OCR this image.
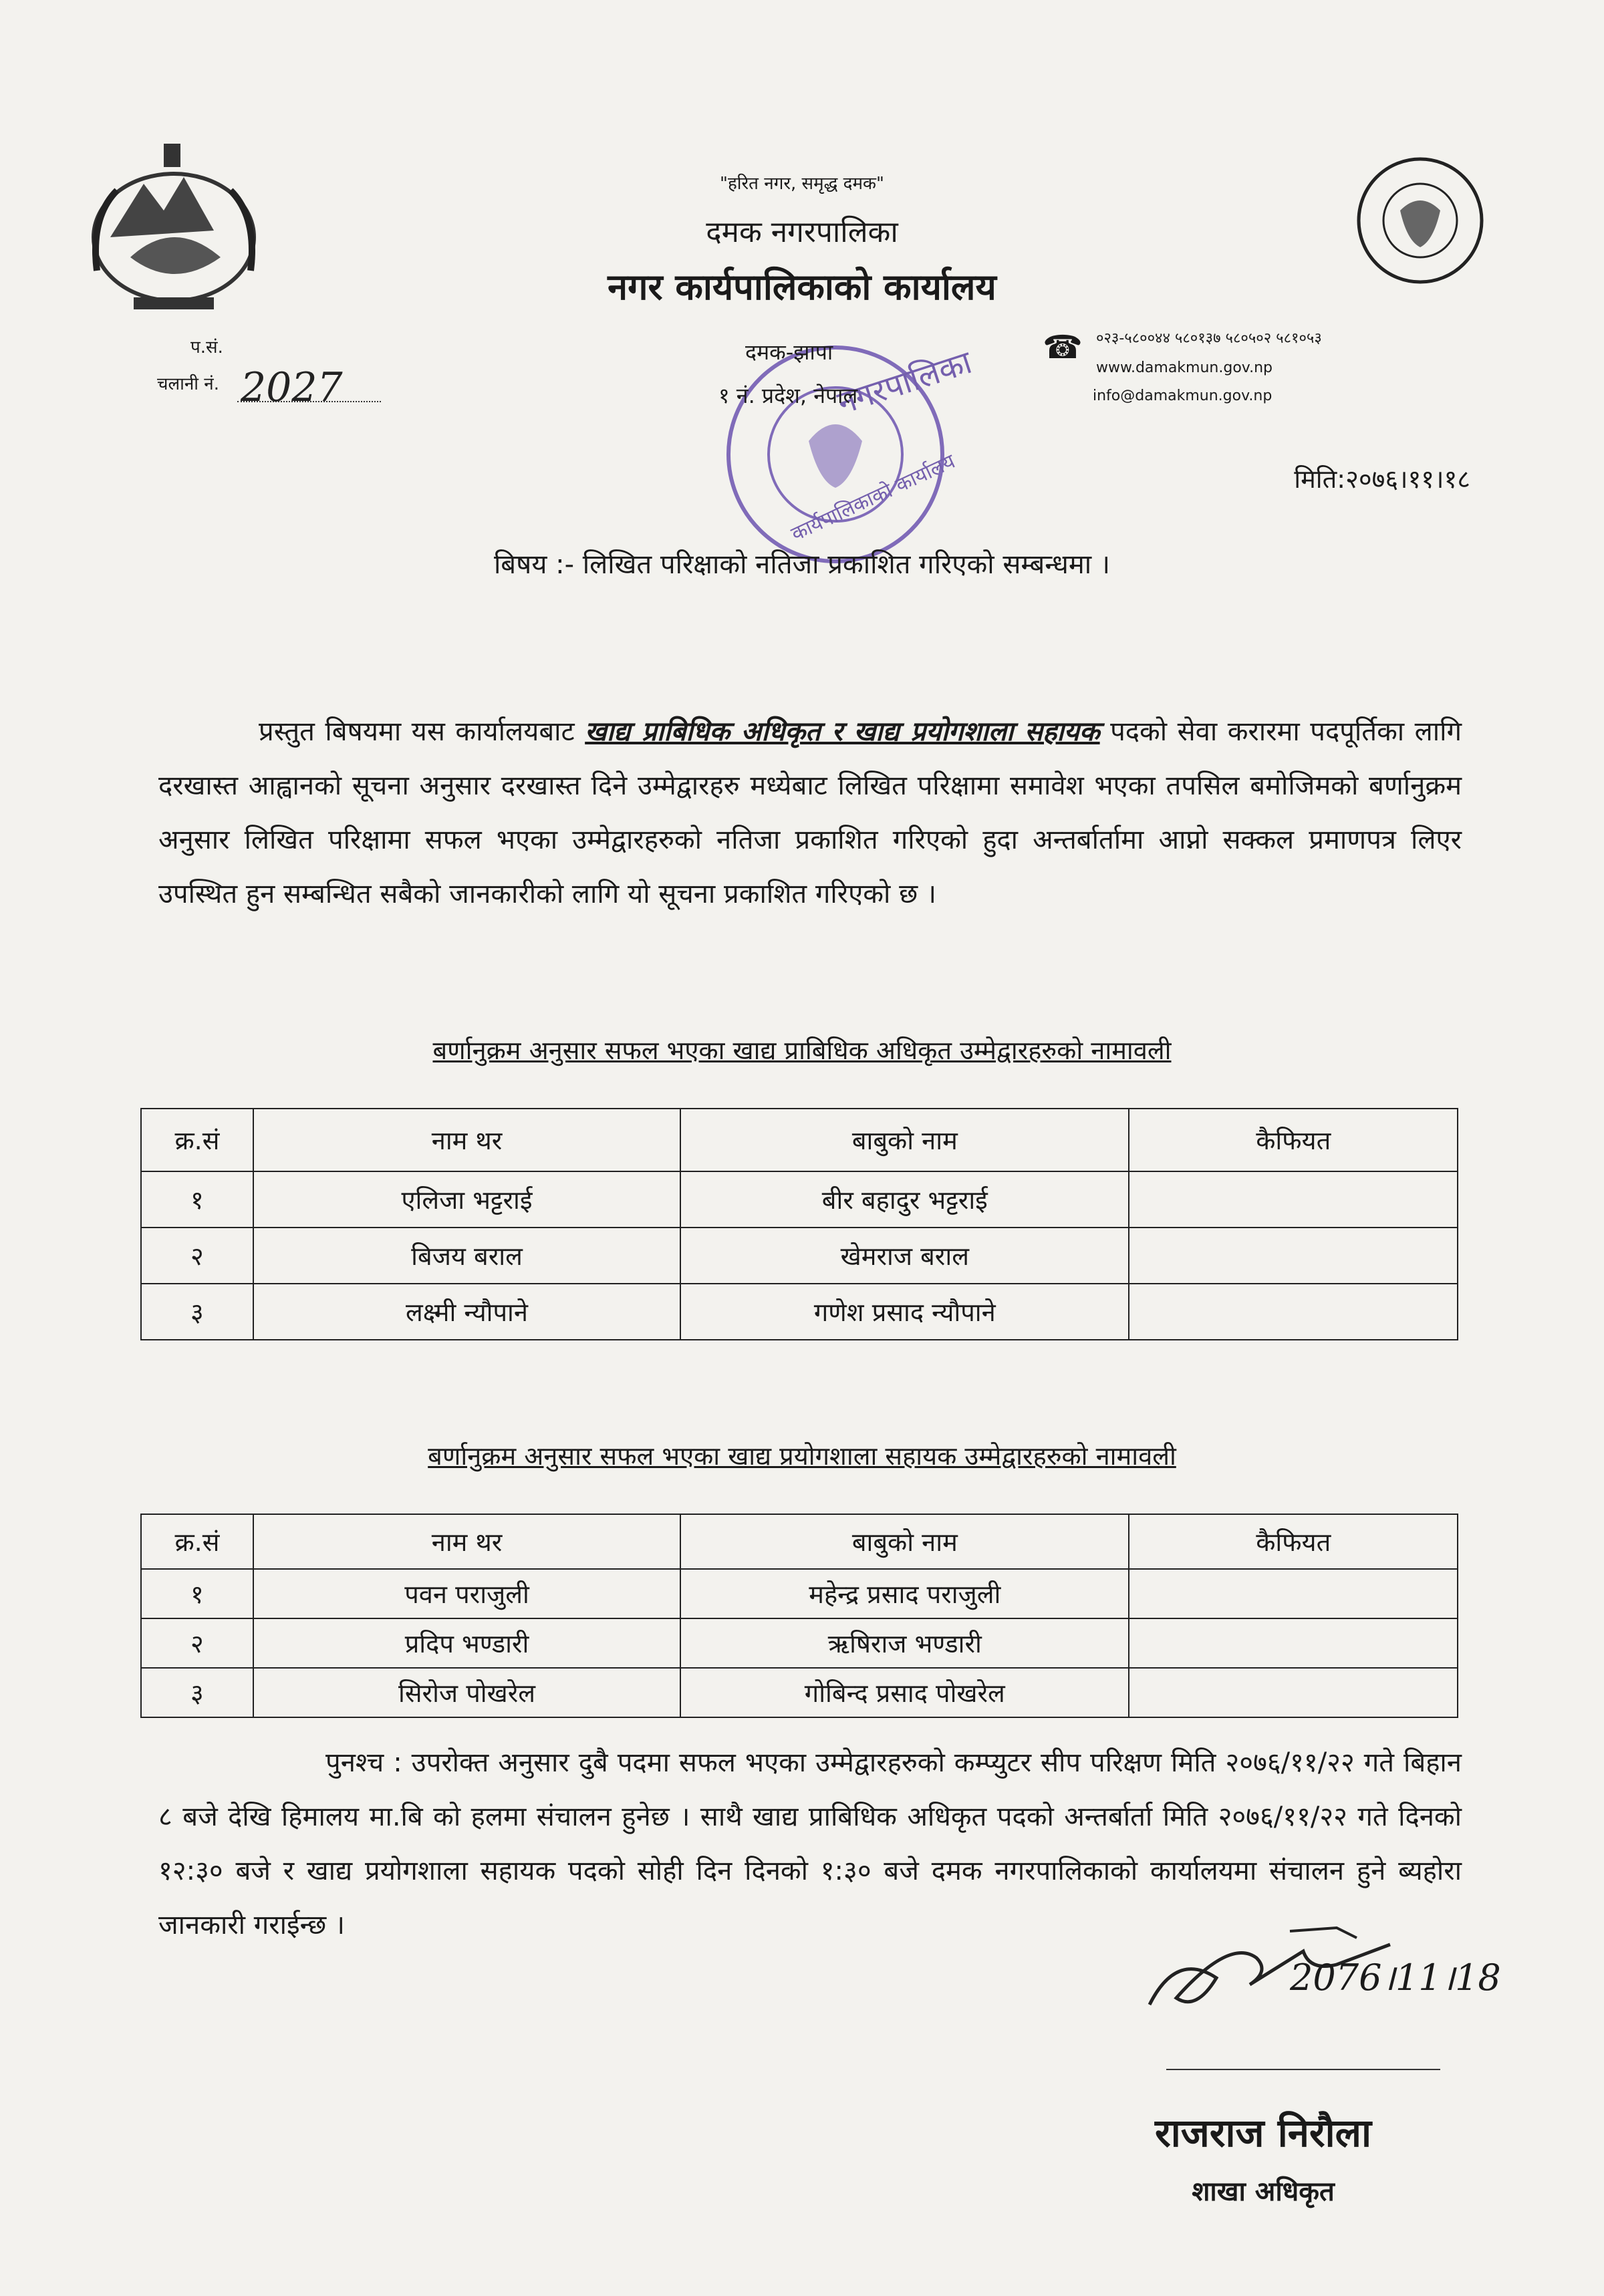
नगरपालिका
कार्यपालिकाको कार्यालय
"हरित नगर, समृद्ध दमक"
दमक नगरपालिका
नगर कार्यपालिकाको कार्यालय
दमक-झापा
१ नं. प्रदेश, नेपाल
☎ ०२३-५८००४४ ५८०१३७ ५८०५०२ ५८१०५३
www.damakmun.gov.np
info@damakmun.gov.np
प.सं.
चलानी नं. 2027
मिति:२०७६।११।१८
बिषय :- लिखित परिक्षाको नतिजा प्रकाशित गरिएको सम्बन्धमा ।
प्रस्तुत बिषयमा यस कार्यालयबाट खाद्य प्राबिधिक अधिकृत र खाद्य प्रयोगशाला सहायक पदको सेवा करारमा पदपूर्तिका लागि दरखास्त आह्वानको सूचना अनुसार दरखास्त दिने उम्मेद्वारहरु मध्येबाट लिखित परिक्षामा समावेश भएका तपसिल बमोजिमको बर्णानुक्रम अनुसार लिखित परिक्षामा सफल भएका उम्मेद्वारहरुको नतिजा प्रकाशित गरिएको हुदा अन्तर्बार्तामा आप्नो सक्कल प्रमाणपत्र लिएर उपस्थित हुन सम्बन्धित सबैको जानकारीको लागि यो सूचना प्रकाशित गरिएको छ ।
बर्णानुक्रम अनुसार सफल भएका खाद्य प्राबिधिक अधिकृत उम्मेद्वारहरुको नामावली
क्र.सं	नाम थर	बाबुको नाम	कैफियत
१	एलिजा भट्टराई	बीर बहादुर भट्टराई	
२	बिजय बराल	खेमराज बराल	
३	लक्ष्मी न्यौपाने	गणेश प्रसाद न्यौपाने	
बर्णानुक्रम अनुसार सफल भएका खाद्य प्रयोगशाला सहायक उम्मेद्वारहरुको नामावली
क्र.सं	नाम थर	बाबुको नाम	कैफियत
१	पवन पराजुली	महेन्द्र प्रसाद पराजुली	
२	प्रदिप भण्डारी	ऋषिराज भण्डारी	
३	सिरोज पोखरेल	गोबिन्द प्रसाद पोखरेल	
पुनश्च : उपरोक्त अनुसार दुबै पदमा सफल भएका उम्मेद्वारहरुको कम्प्युटर सीप परिक्षण मिति २०७६/११/२२ गते बिहान ८ बजे देखि हिमालय मा.बि को हलमा संचालन हुनेछ । साथै खाद्य प्राबिधिक अधिकृत पदको अन्तर्बार्ता मिति २०७६/११/२२ गते दिनको १२:३० बजे र खाद्य प्रयोगशाला सहायक पदको सोही दिन दिनको १:३० बजे दमक नगरपालिकाको कार्यालयमा संचालन हुने ब्यहोरा जानकारी गराईन्छ ।
2076।11।18
राजराज निरौला
शाखा अधिकृत
